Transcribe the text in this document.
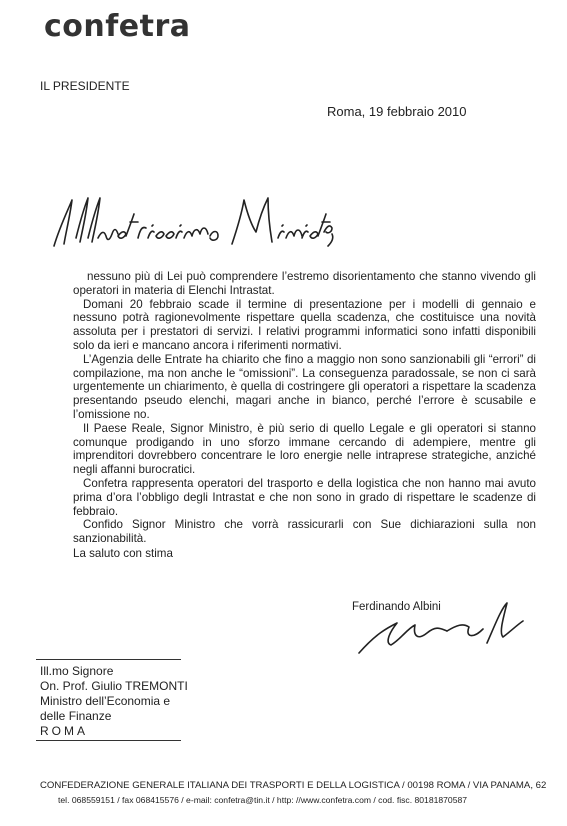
confetra
IL PRESIDENTE
Roma, 19 febbraio 2010

nessuno più di Lei può comprendere l’estremo disorientamento che stanno vivendo gli operatori in materia di Elenchi Intrastat.

Domani 20 febbraio scade il termine di presentazione per i modelli di gennaio e nessuno potrà ragionevolmente rispettare quella scadenza, che costituisce una novità assoluta per i prestatori di servizi. I relativi programmi informatici sono infatti disponibili solo da ieri e mancano ancora i riferimenti normativi.

L’Agenzia delle Entrate ha chiarito che fino a maggio non sono sanzionabili gli “errori” di compilazione, ma non anche le “omissioni”. La conseguenza paradossale, se non ci sarà urgentemente un chiarimento, è quella di costringere gli operatori a rispettare la scadenza presentando pseudo elenchi, magari anche in bianco, perché l’errore è scusabile e l’omissione no.

Il Paese Reale, Signor Ministro, è più serio di quello Legale e gli operatori si stanno comunque prodigando in uno sforzo immane cercando di adempiere, mentre gli imprenditori dovrebbero concentrare le loro energie nelle intraprese strategiche, anziché negli affanni burocratici.

Confetra rappresenta operatori del trasporto e della logistica che non hanno mai avuto prima d’ora l’obbligo degli Intrastat e che non sono in grado di rispettare le scadenze di febbraio.

Confido Signor Ministro che vorrà rassicurarli con Sue dichiarazioni sulla non sanzionabilità.

La saluto con stima

Ferdinando Albini
Ill.mo Signore
On. Prof. Giulio TREMONTI
Ministro dell’Economia e
delle Finanze
ROMA
CONFEDERAZIONE GENERALE ITALIANA DEI TRASPORTI E DELLA LOGISTICA / 00198 ROMA / VIA PANAMA, 62
tel. 068559151 / fax 068415576 / e-mail: confetra@tin.it / http: //www.confetra.com / cod. fisc. 80181870587
